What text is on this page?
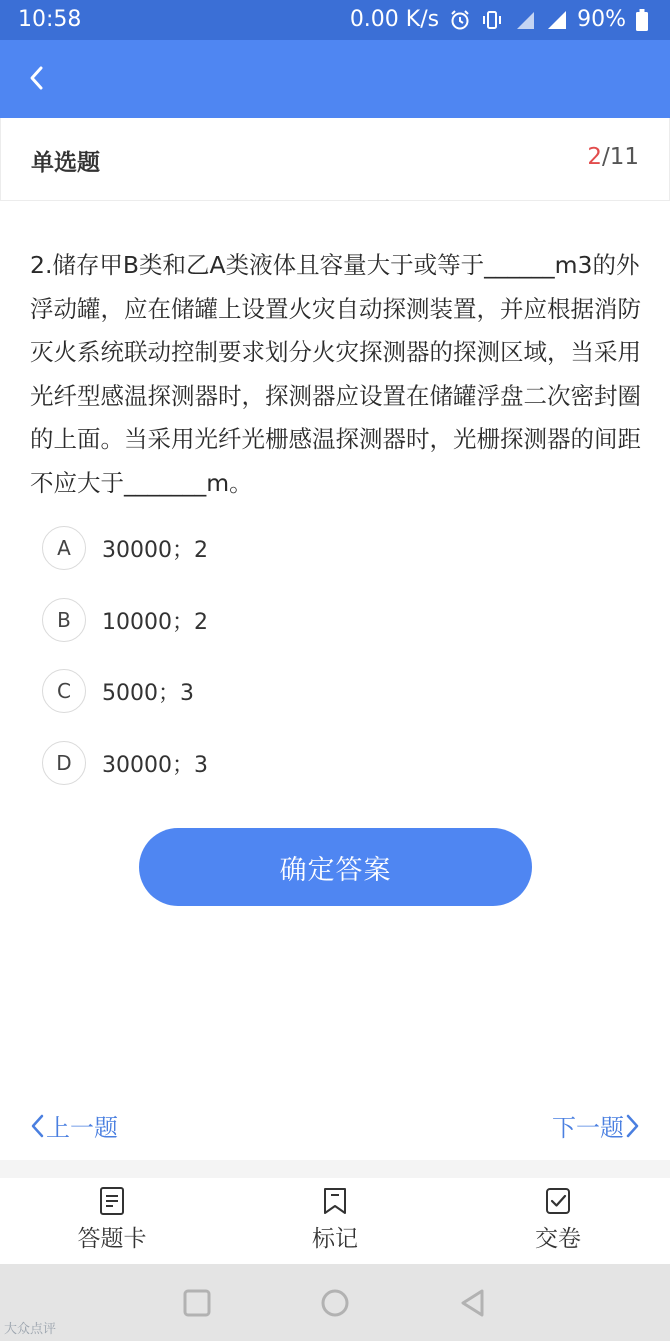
10:58	0.00 K/s	90%
单选题	2/11
2.储存甲B类和乙A类液体且容量大于或等于______m3的外浮动罐，应在储罐上设置火灾自动探测装置，并应根据消防灭火系统联动控制要求划分火灾探测器的探测区域，当采用光纤型感温探测器时，探测器应设置在储罐浮盘二次密封圈的上面。当采用光纤光栅感温探测器时，光栅探测器的间距不应大于_______m。
A	30000；2
B	10000；2
C	5000；3
D	30000；3
确定答案
上一题	下一题
答题卡	标记	交卷
大众点评
